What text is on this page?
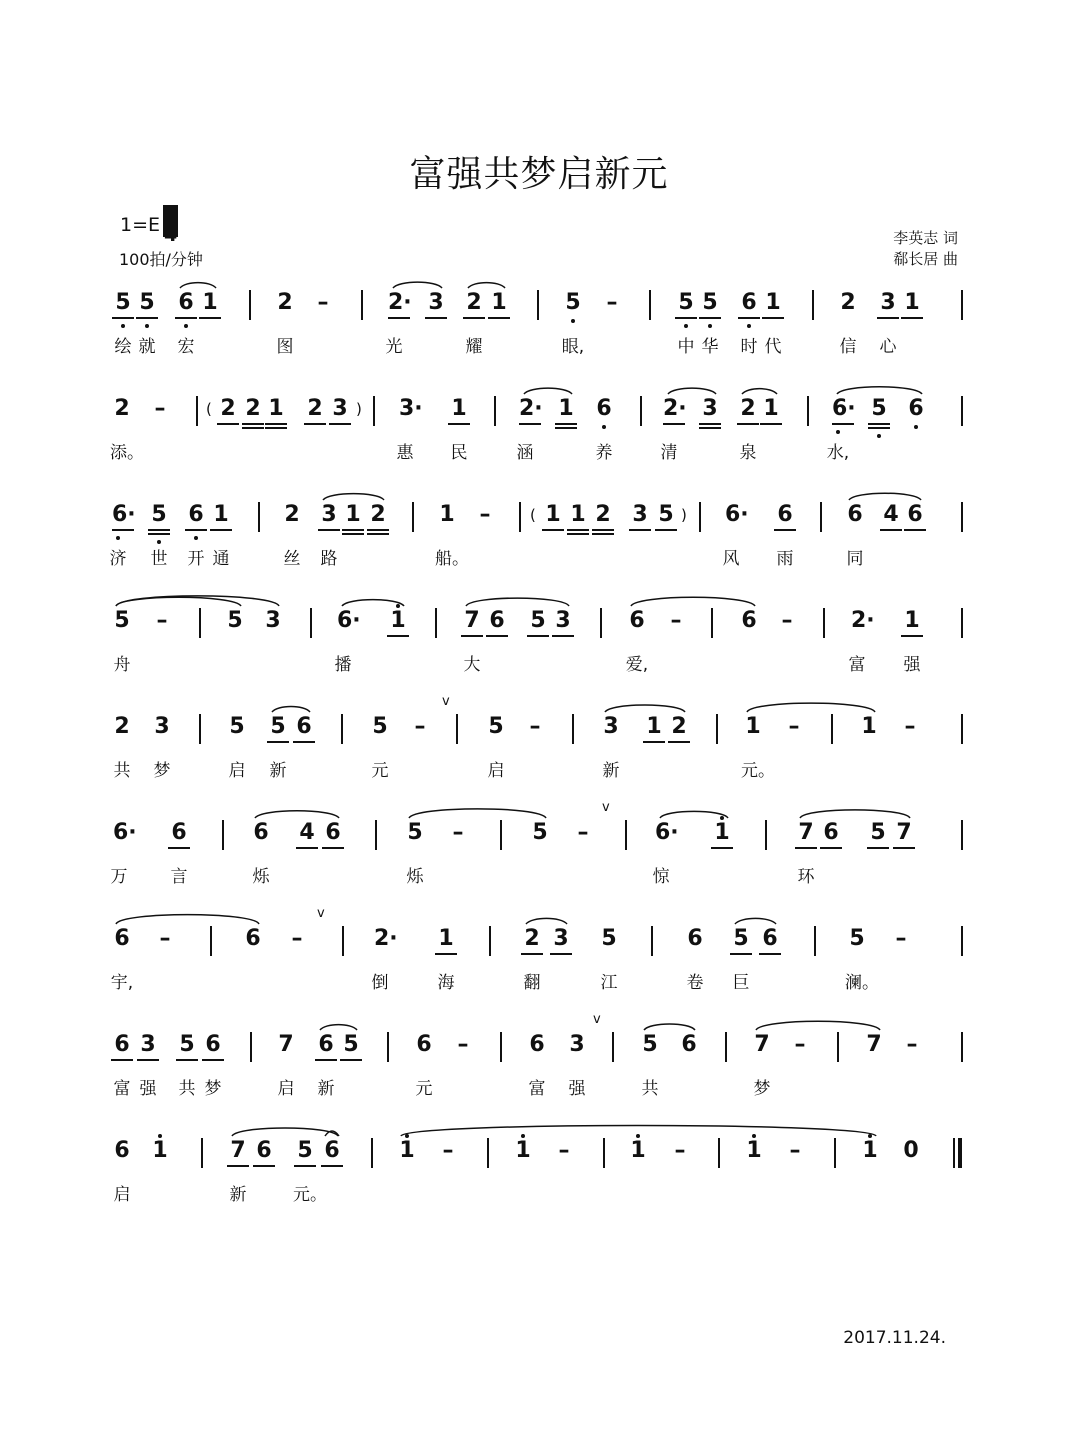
富强共梦启新元
1=E
100拍/分钟
李英志 词
郗长居 曲
2017.11.24.
5
绘
5
就
6
宏
1	2
图
–	2·
光
3 2
耀
1	5
眼,
–	5
中
5
华
6
时
1
代
2
信
3
心
1
2
添。
–	( 2 2 1 2 3 ) 3·
惠
1
民
2·
涵
1 6
养
2·
清
3 2
泉
1 6·
水,
5 6
6·
济
5
世
6
开
1
通
2
丝
3
路
1 2 1
船。
–	( 1 1 2 3 5 ) 6·
风
6
雨
6
同
4 6
5
舟
–	5 3	6·
播
1	7
大
6 5 3	6
爱,
–	6 –	2·
富
1
强
2
共
3
梦
5
启
5
新
6	5
元
–	5
启
–	3
新
1 2	1
元。
–	1 –
v
6·
万
6
言
6
烁
4 6	5
烁
–	5 –	6·
惊
1	7
环
6 5 7
v
6
宇,
–	6 –	2·
倒
1
海
2
翻
3 5
江
6
卷
5
巨
6	5
澜。
–
v
6
富
3
强
5
共
6
梦
7
启
6
新
5	6
元
–	6
富
3
强
5
共
6	7
梦
–	7 –
v
6
启
1	7
新
6 5
元。
6	1 –	1 –	1 –	1 –	1 0
